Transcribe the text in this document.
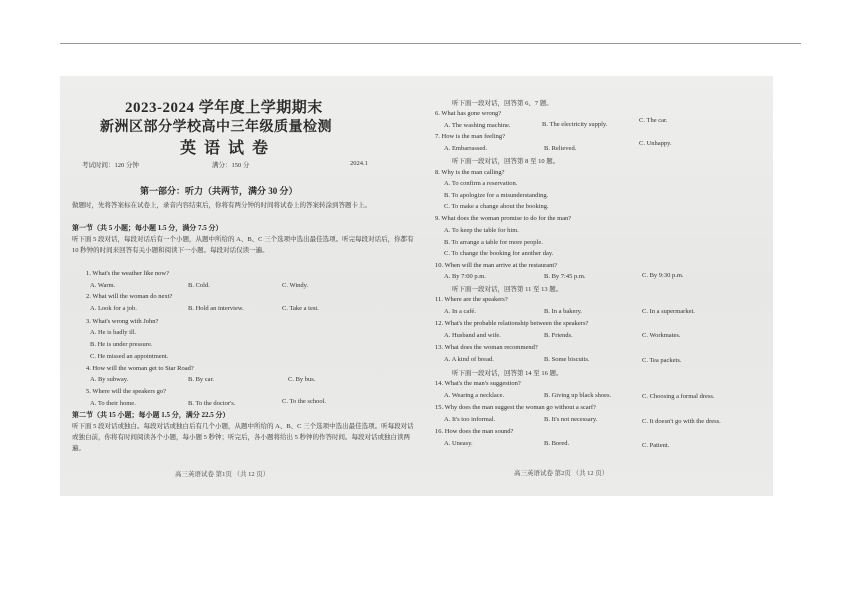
2023-2024 学年度上学期期末
新洲区部分学校高中三年级质量检测
英 语 试 卷
考试时间：120 分钟	满分：150 分	2024.1
第一部分：听力（共两节，满分 30 分）
做题时，先将答案标在试卷上，录音内容结束后，你将有两分钟的时间将试卷上的答案转涂到答题卡上。
第一节（共 5 小题；每小题 1.5 分，满分 7.5 分）
听下面 5 段对话，每段对话后有一个小题，从题中所给的 A、B、C 三个选项中选出最佳选项。听完每段对话后，你都有 10 秒钟的时间来回答有关小题和阅读下一小题。每段对话仅读一遍。
1. What's the weather like now?
A. Warm.	B. Cold.	C. Windy.
2. What will the woman do next?
A. Look for a job.	B. Hold an interview.	C. Take a test.
3. What's wrong with John?
A. He is badly ill.
B. He is under pressure.
C. He missed an appointment.
4. How will the woman get to Star Road?
A. By subway.	B. By car.	C. By bus.
5. Where will the speakers go?
A. To their home.	B. To the doctor's.	C. To the school.
第二节（共 15 小题；每小题 1.5 分，满分 22.5 分）
听下面 5 段对话或独白。每段对话或独白后有几个小题，从题中所给的 A、B、C 三个选项中选出最佳选项。听每段对话或独白前，你将有时间阅读各个小题，每小题 5 秒钟；听完后，各小题将给出 5 秒钟的作答时间。每段对话或独白读两遍。
高三英语试卷 第1页 （共 12 页）
听下面一段对话，回答第 6、7 题。
6. What has gone wrong?
A. The washing machine.	B. The electricity supply.
C. The car.
7. How is the man feeling?
A. Embarrassed.	B. Relieved.
C. Unhappy.
听下面一段对话，回答第 8 至 10 题。
8. Why is the man calling?
A. To confirm a reservation.
B. To apologize for a misunderstanding.
C. To make a change about the booking.
9. What does the woman promise to do for the man?
A. To keep the table for him.
B. To arrange a table for more people.
C. To change the booking for another day.
10. When will the man arrive at the restaurant?
A. By 7:00 p.m.	B. By 7:45 p.m.	C. By 9:30 p.m.
听下面一段对话，回答第 11 至 13 题。
11. Where are the speakers?
A. In a café.	B. In a bakery.	C. In a supermarket.
12. What's the probable relationship between the speakers?
A. Husband and wife.	B. Friends.	C. Workmates.
13. What does the woman recommend?
A. A kind of bread.	B. Some biscuits.	C. Tea packets.
听下面一段对话，回答第 14 至 16 题。
14. What's the man's suggestion?
A. Wearing a necklace.	B. Giving up black shoes.	C. Choosing a formal dress.
15. Why does the man suggest the woman go without a scarf?
A. It's too informal.	B. It's not necessary.	C. It doesn't go with the dress.
16. How does the man sound?
A. Uneasy.	B. Bored.	C. Patient.
高三英语试卷 第2页 （共 12 页）
